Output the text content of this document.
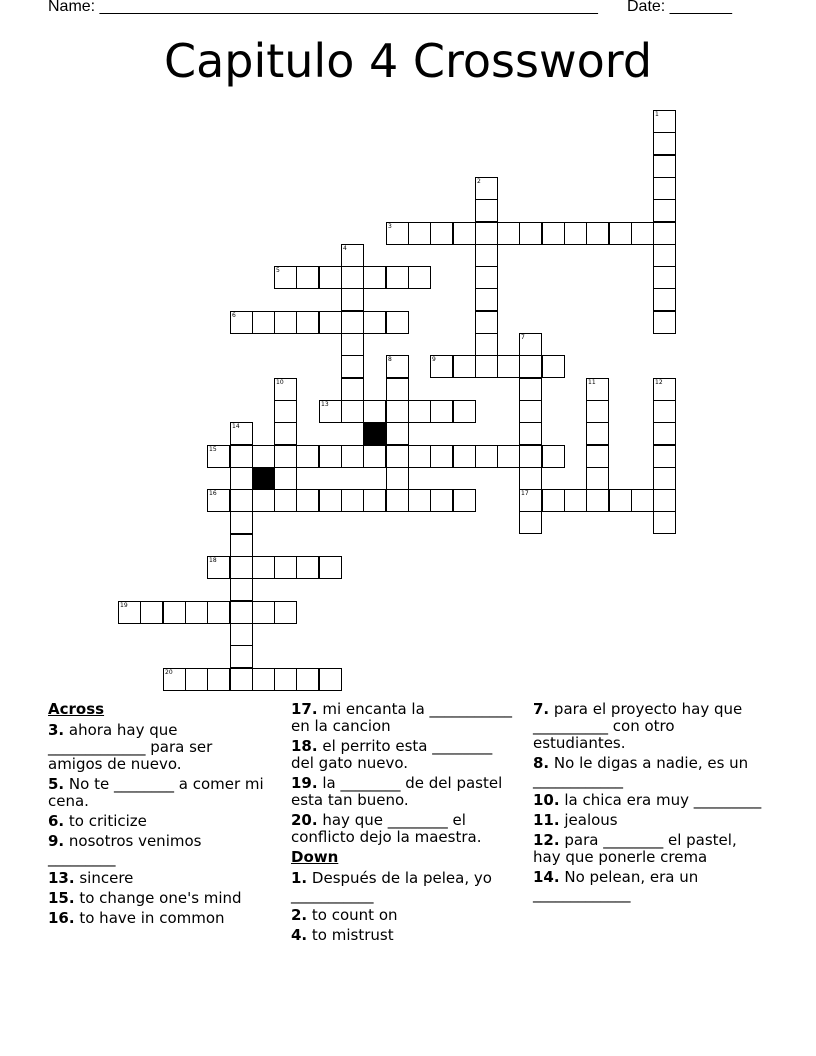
Name: ________________________________________________________ Date: _______
Capitulo 4 Crossword
1
2
3
4
5
6
7
17
8	9
10	11	12
13
14
15
16
18
19
20
Across
3. ahora hay que _____________ para ser amigos de nuevo.
5. No te ________ a comer mi cena.
6. to criticize
9. nosotros venimos _________
13. sincere
15. to change one's mind
16. to have in common
17. mi encanta la ___________ en la cancion
18. el perrito esta ________ del gato nuevo.
19. la ________ de del pastel esta tan bueno.
20. hay que ________ el conflicto dejo la maestra.
Down
1. Después de la pelea, yo ___________
2. to count on
4. to mistrust
7. para el proyecto hay que __________ con otro estudiantes.
8. No le digas a nadie, es un ____________
10. la chica era muy _________
11. jealous
12. para ________ el pastel, hay que ponerle crema
14. No pelean, era un _____________
